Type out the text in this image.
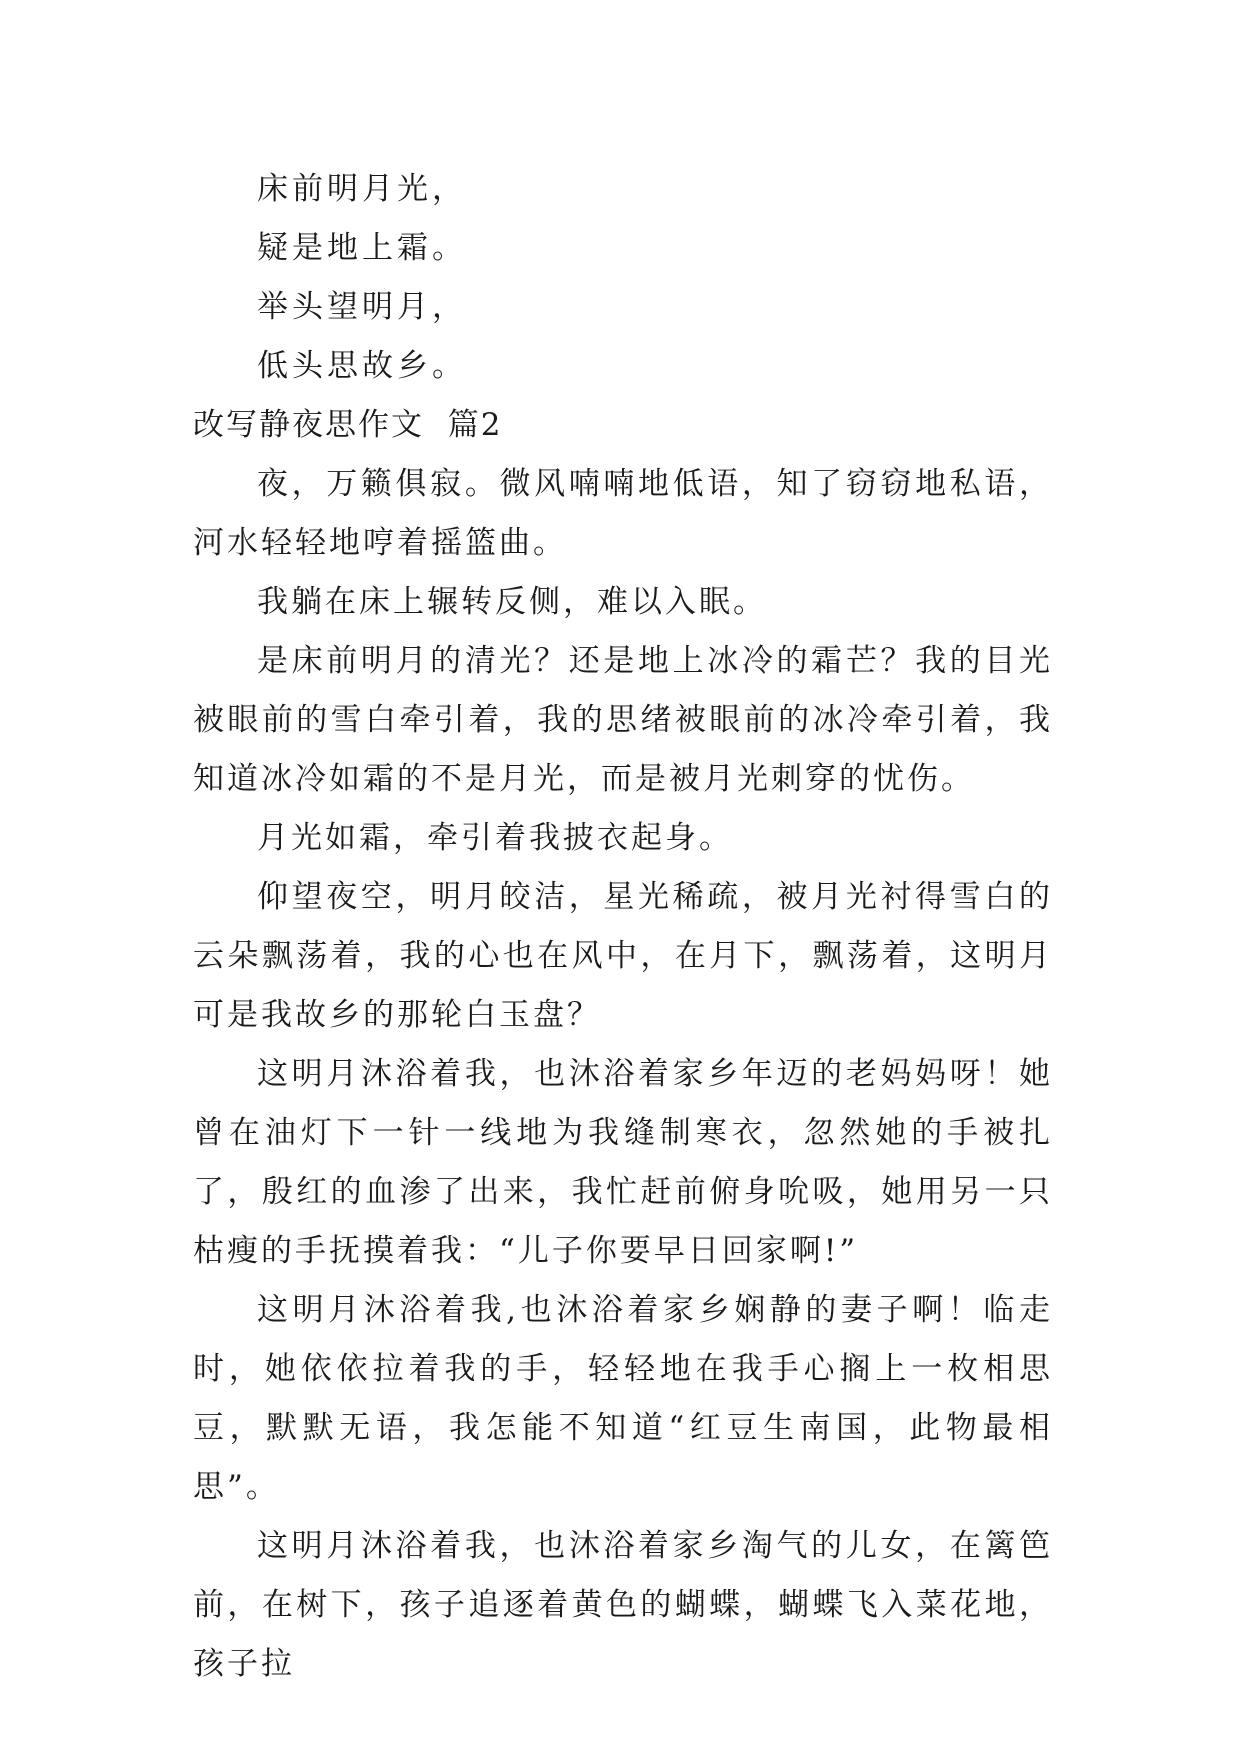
床前明月光，
疑是地上霜。
举头望明月，
低头思故乡。
改写静夜思作文  篇2

夜，万籁俱寂。微风喃喃地低语，知了窃窃地私语，河水轻轻地哼着摇篮曲。

我躺在床上辗转反侧，难以入眠。

是床前明月的清光？还是地上冰冷的霜芒？我的目光被眼前的雪白牵引着，我的思绪被眼前的冰冷牵引着，我知道冰冷如霜的不是月光，而是被月光刺穿的忧伤。

月光如霜，牵引着我披衣起身。

仰望夜空，明月皎洁，星光稀疏，被月光衬得雪白的云朵飘荡着，我的心也在风中，在月下，飘荡着，这明月可是我故乡的那轮白玉盘？

这明月沐浴着我，也沐浴着家乡年迈的老妈妈呀！她曾在油灯下一针一线地为我缝制寒衣，忽然她的手被扎了，殷红的血渗了出来，我忙赶前俯身吮吸，她用另一只枯瘦的手抚摸着我：“儿子你要早日回家啊!”

这明月沐浴着我,也沐浴着家乡娴静的妻子啊！临走时，她依依拉着我的手，轻轻地在我手心搁上一枚相思豆，默默无语，我怎能不知道“红豆生南国，此物最相思”。

这明月沐浴着我，也沐浴着家乡淘气的儿女，在篱笆前，在树下，孩子追逐着黄色的蝴蝶，蝴蝶飞入菜花地，孩子拉
